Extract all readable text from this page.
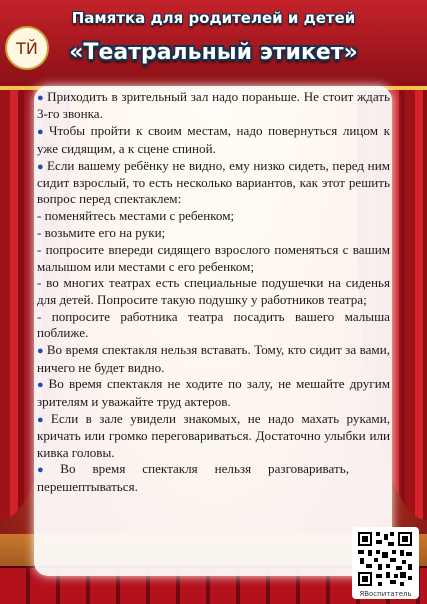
ТЙ
Памятка для родителей и детей
«Театральный этикет»

● Приходить в зрительный зал надо пораньше. Не стоит ждать 3-го звонка.

● Чтобы пройти к своим местам, надо повернуться лицом к уже сидящим, а к сцене спиной.

● Если вашему ребёнку не видно, ему низко сидеть, перед ним сидит взрослый, то есть несколько вариантов, как этот решить вопрос перед спектаклем:

- поменяйтесь местами с ребенком;

- возьмите его на руки;

- попросите впереди сидящего взрослого поменяться с вашим малышом или местами с его ребенком;

- во многих театрах есть специальные подушечки на сиденья для детей. Попросите такую подушку у работников театра;

- попросите работника театра посадить вашего малыша поближе.

● Во время спектакля нельзя вставать. Тому, кто сидит за вами, ничего не будет видно.

● Во время спектакля не ходите по залу, не мешайте другим зрителям и уважайте труд актеров.

● Если в зале увидели знакомых, не надо махать руками, кричать или громко переговариваться. Достаточно улыбки или кивка головы.

● Во время спектакля нельзя разговаривать, перешептываться.

ЯВоспитатель
